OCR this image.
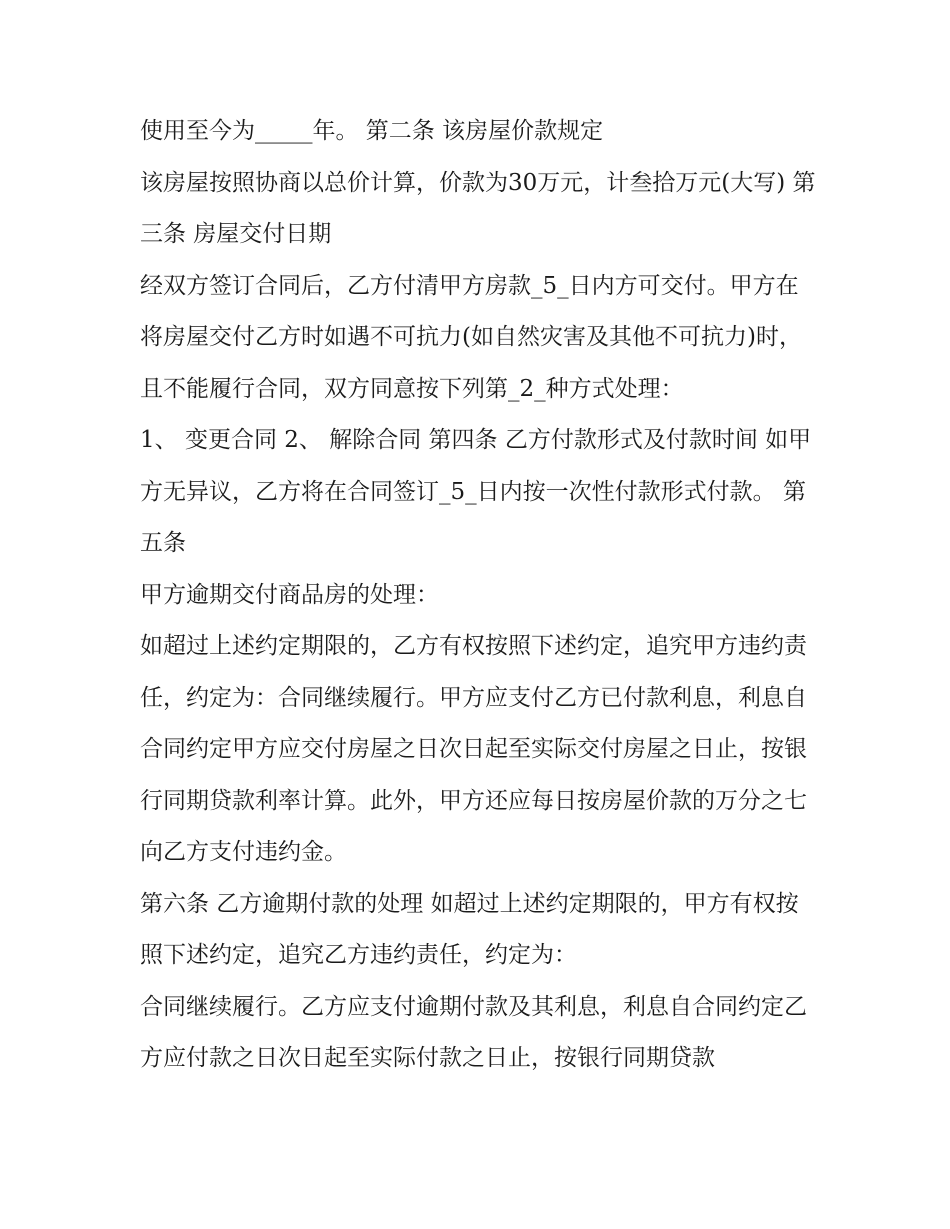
使用至今为_____年。 第二条 该房屋价款规定

该房屋按照协商以总价计算，价款为30万元，计叁拾万元(大写) 第三条 房屋交付日期

经双方签订合同后，乙方付清甲方房款_5_日内方可交付。甲方在将房屋交付乙方时如遇不可抗力(如自然灾害及其他不可抗力)时，且不能履行合同，双方同意按下列第_2_种方式处理：

1、 变更合同 2、 解除合同 第四条 乙方付款形式及付款时间 如甲方无异议，乙方将在合同签订_5_日内按一次性付款形式付款。 第五条

甲方逾期交付商品房的处理：

如超过上述约定期限的，乙方有权按照下述约定，追究甲方违约责任，约定为：合同继续履行。甲方应支付乙方已付款利息，利息自合同约定甲方应交付房屋之日次日起至实际交付房屋之日止，按银行同期贷款利率计算。此外，甲方还应每日按房屋价款的万分之七向乙方支付违约金。

第六条 乙方逾期付款的处理 如超过上述约定期限的，甲方有权按照下述约定，追究乙方违约责任，约定为：

合同继续履行。乙方应支付逾期付款及其利息，利息自合同约定乙方应付款之日次日起至实际付款之日止，按银行同期贷款
